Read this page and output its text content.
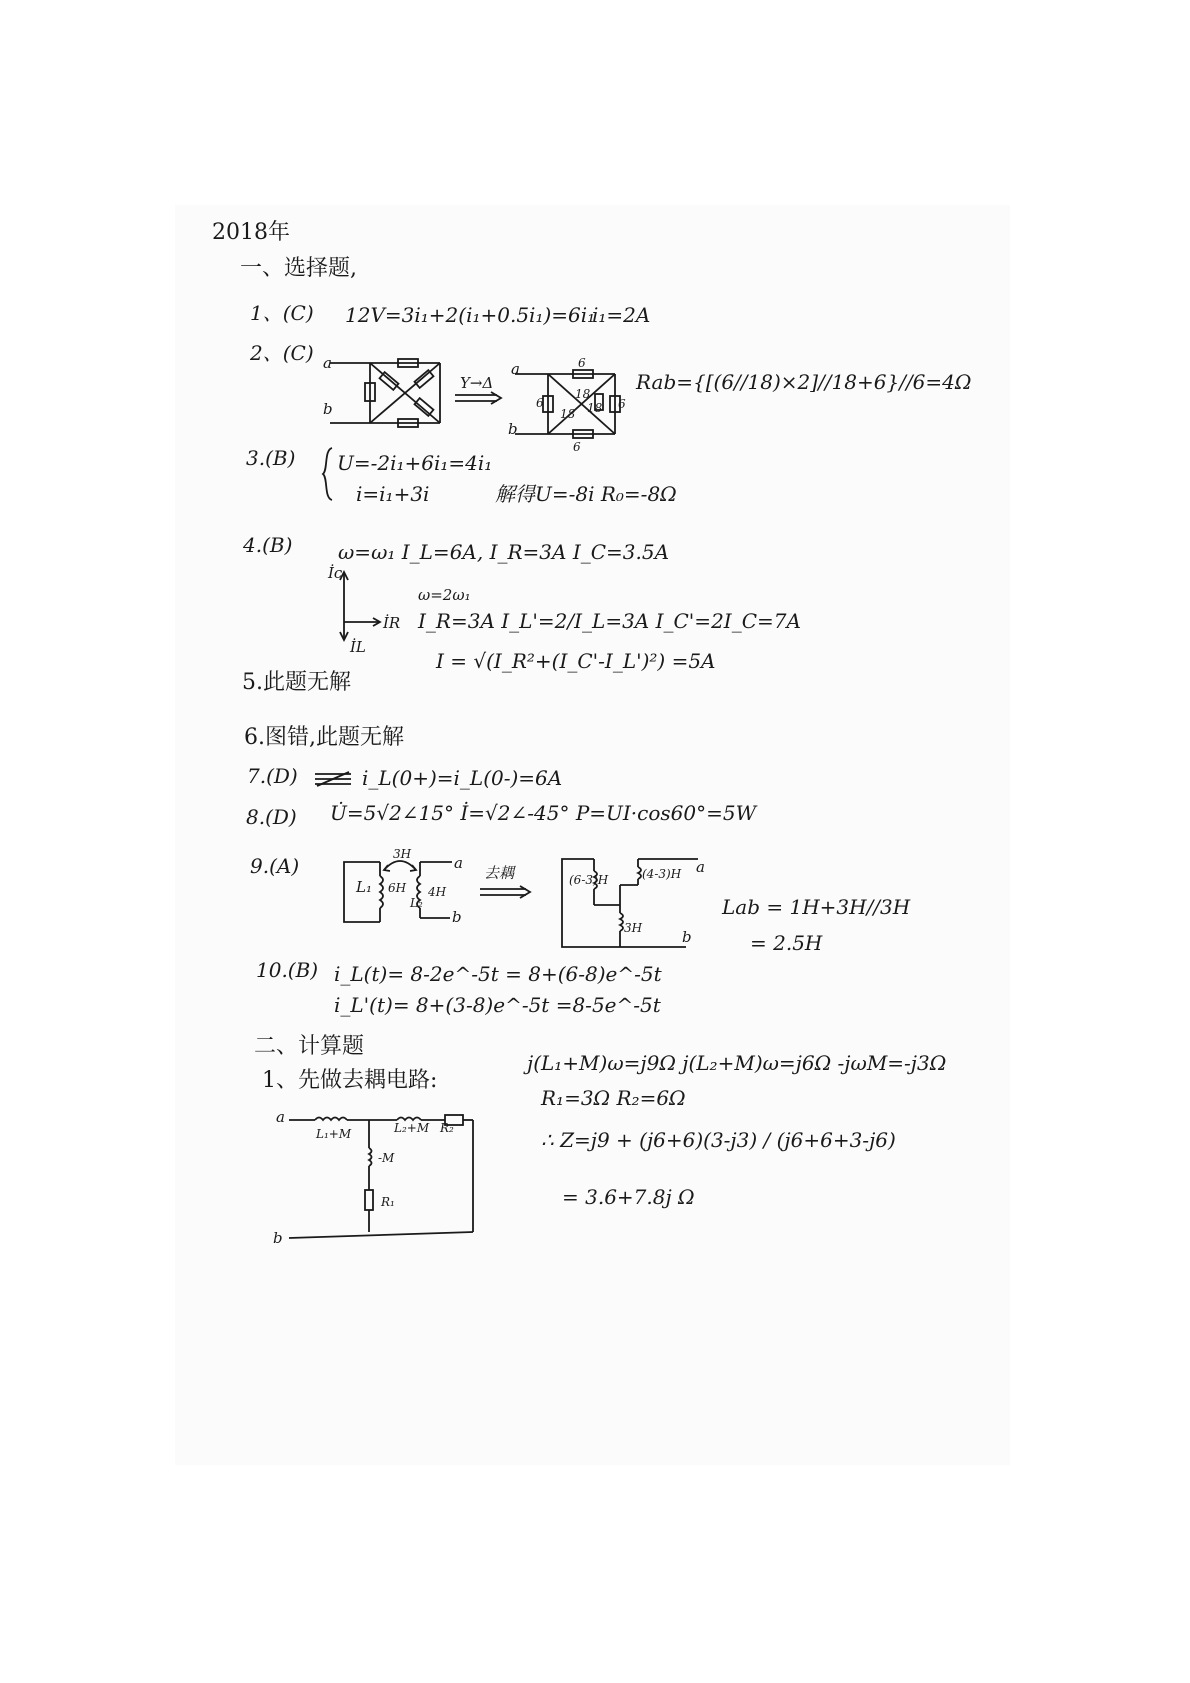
2018年
一、选择题,
1、(C) 12V=3i₁+2(i₁+0.5i₁)=6i₁
i₁=2A
2、(C) a
b
Y→Δ
a
b
6
6
18
18 18 6
6
Rab={[(6//18)×2]//18+6}//6=4Ω
3.(B) U=-2i₁+6i₁=4i₁
i=i₁+3i	解得U=-8i R₀=-8Ω
4.(B) ω=ω₁ I_L=6A, I_R=3A I_C=3.5A
İc
İR
İL
ω=2ω₁
I_R=3A I_L'=2/I_L=3A I_C'=2I_C=7A
I = √(I_R²+(I_C'-I_L')²) =5A
5.此题无解
6.图错,此题无解
7.(D)	i_L(0+)=i_L(0-)=6A
8.(D) U̇=5√2∠15° İ=√2∠-45° P=UI·cos60°=5W
9.(A)	3H
L₁ 6H
L₂
4H
a
b
去耦	(6-3)H	(4-3)H
3H
a
b
Lab = 1H+3H//3H
= 2.5H
10.(B) i_L(t)= 8-2e^-5t = 8+(6-8)e^-5t
i_L'(t)= 8+(3-8)e^-5t =8-5e^-5t
二、计算题
1、先做去耦电路:
a
b
L₁+M	L₂+M R₂
-M
R₁
j(L₁+M)ω=j9Ω j(L₂+M)ω=j6Ω -jωM=-j3Ω
R₁=3Ω R₂=6Ω
∴ Z=j9 + (j6+6)(3-j3) / (j6+6+3-j6)
= 3.6+7.8j Ω
